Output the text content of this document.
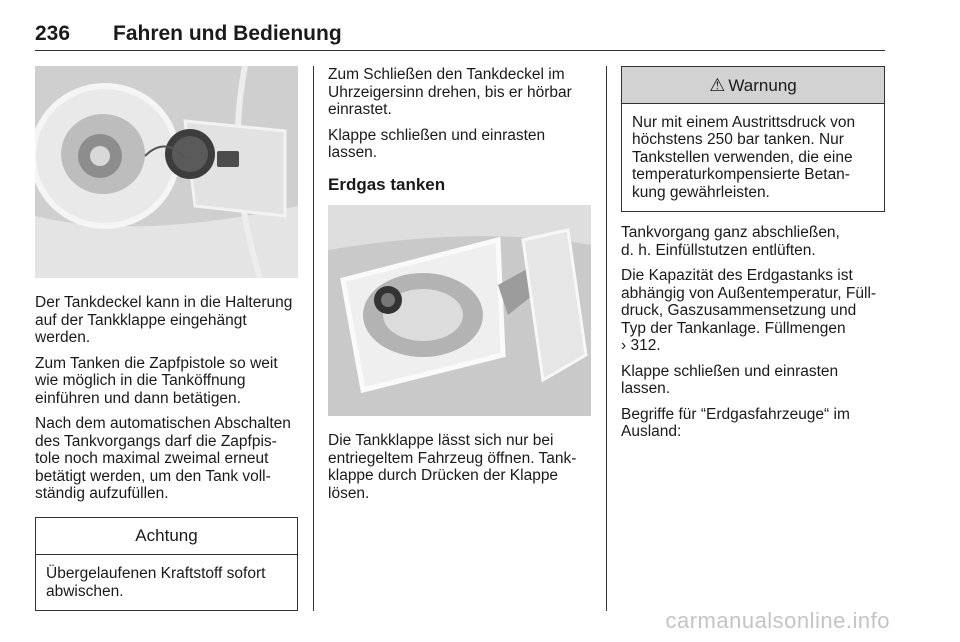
236 Fahren und Bedienung

Der Tankdeckel kann in die Halterung
auf der Tankklappe eingehängt
werden.

Zum Tanken die Zapfpistole so weit
wie möglich in die Tanköffnung
einführen und dann betätigen.

Nach dem automatischen Abschalten
des Tankvorgangs darf die Zapfpis-
tole noch maximal zweimal erneut
betätigt werden, um den Tank voll-
ständig aufzufüllen.

Achtung
Übergelaufenen Kraftstoff sofort
abwischen.

Zum Schließen den Tankdeckel im
Uhrzeigersinn drehen, bis er hörbar
einrastet.

Klappe schließen und einrasten
lassen.

Erdgas tanken

Die Tankklappe lässt sich nur bei
entriegeltem Fahrzeug öffnen. Tank-
klappe durch Drücken der Klappe
lösen.

⚠ Warnung
Nur mit einem Austrittsdruck von
höchstens 250 bar tanken. Nur
Tankstellen verwenden, die eine
temperaturkompensierte Betan-
kung gewährleisten.

Tankvorgang ganz abschließen,
d. h. Einfüllstutzen entlüften.

Die Kapazität des Erdgastanks ist
abhängig von Außentemperatur, Füll-
druck, Gaszusammensetzung und
Typ der Tankanlage. Füllmengen
› 312.

Klappe schließen und einrasten
lassen.

Begriffe für “Erdgasfahrzeuge“ im
Ausland:

carmanualsonline.info
